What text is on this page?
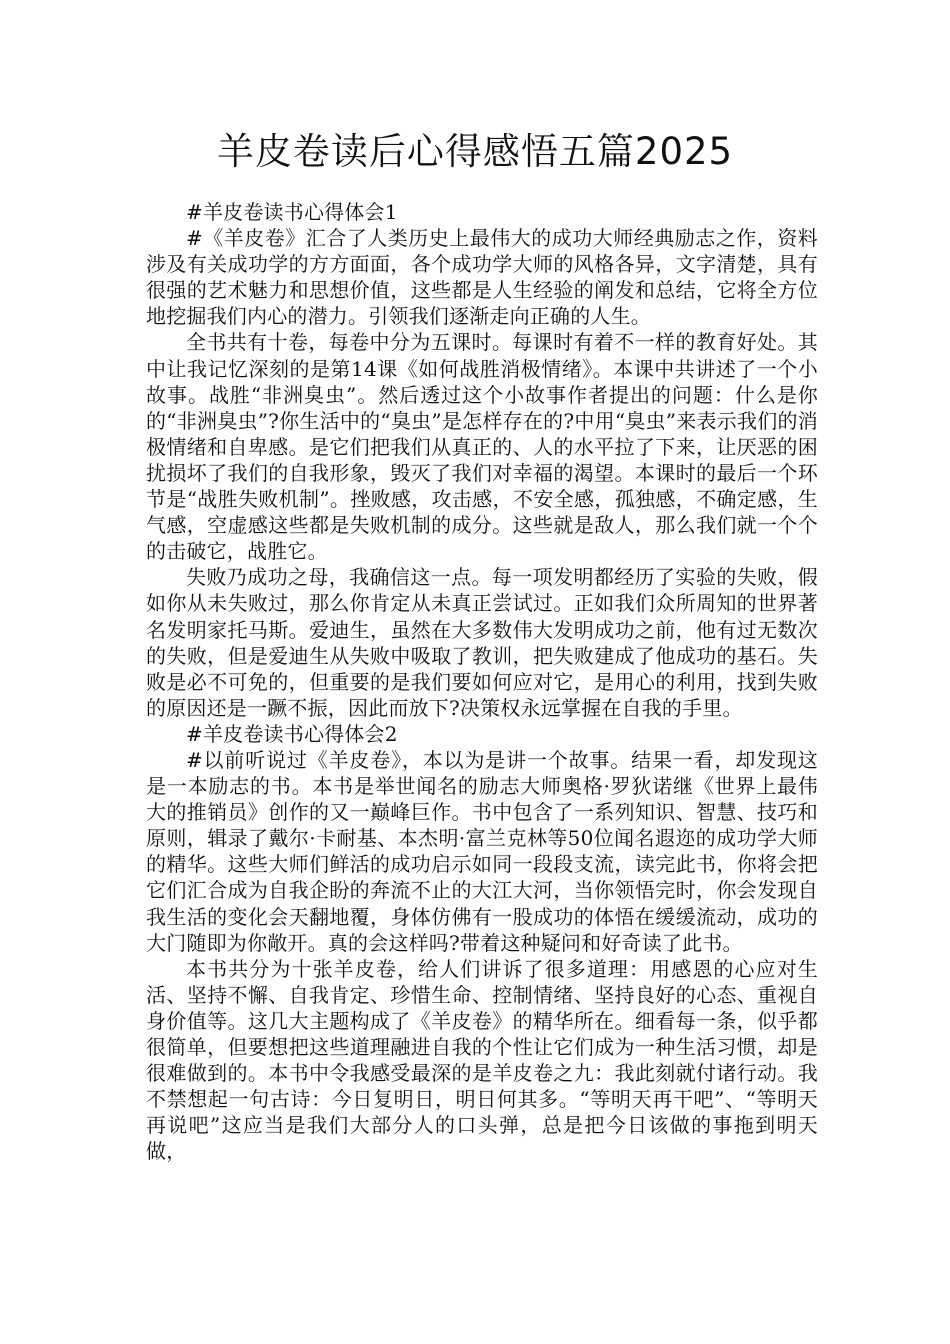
羊皮卷读后心得感悟五篇2025

#羊皮卷读书心得体会1

#《羊皮卷》汇合了人类历史上最伟大的成功大师经典励志之作，资料涉及有关成功学的方方面面，各个成功学大师的风格各异，文字清楚，具有很强的艺术魅力和思想价值，这些都是人生经验的阐发和总结，它将全方位地挖掘我们内心的潜力。引领我们逐渐走向正确的人生。

全书共有十卷，每卷中分为五课时。每课时有着不一样的教育好处。其中让我记忆深刻的是第14课《如何战胜消极情绪》。本课中共讲述了一个小故事。战胜“非洲臭虫”。然后透过这个小故事作者提出的问题：什么是你的“非洲臭虫”?你生活中的“臭虫”是怎样存在的?中用“臭虫”来表示我们的消极情绪和自卑感。是它们把我们从真正的、人的水平拉了下来，让厌恶的困扰损坏了我们的自我形象，毁灭了我们对幸福的渴望。本课时的最后一个环节是“战胜失败机制”。挫败感，攻击感，不安全感，孤独感，不确定感，生气感，空虚感这些都是失败机制的成分。这些就是敌人，那么我们就一个个的击破它，战胜它。

失败乃成功之母，我确信这一点。每一项发明都经历了实验的失败，假如你从未失败过，那么你肯定从未真正尝试过。正如我们众所周知的世界著名发明家托马斯。爱迪生，虽然在大多数伟大发明成功之前，他有过无数次的失败，但是爱迪生从失败中吸取了教训，把失败建成了他成功的基石。失败是必不可免的，但重要的是我们要如何应对它，是用心的利用，找到失败的原因还是一蹶不振，因此而放下?决策权永远掌握在自我的手里。

#羊皮卷读书心得体会2

#以前听说过《羊皮卷》，本以为是讲一个故事。结果一看，却发现这是一本励志的书。本书是举世闻名的励志大师奥格·罗狄诺继《世界上最伟大的推销员》创作的又一巅峰巨作。书中包含了一系列知识、智慧、技巧和原则，辑录了戴尔·卡耐基、本杰明·富兰克林等50位闻名遐迩的成功学大师的精华。这些大师们鲜活的成功启示如同一段段支流，读完此书，你将会把它们汇合成为自我企盼的奔流不止的大江大河，当你领悟完时，你会发现自我生活的变化会天翻地覆，身体仿佛有一股成功的体悟在缓缓流动，成功的大门随即为你敞开。真的会这样吗?带着这种疑问和好奇读了此书。

本书共分为十张羊皮卷，给人们讲诉了很多道理：用感恩的心应对生活、坚持不懈、自我肯定、珍惜生命、控制情绪、坚持良好的心态、重视自身价值等。这几大主题构成了《羊皮卷》的精华所在。细看每一条，似乎都很简单，但要想把这些道理融进自我的个性让它们成为一种生活习惯，却是很难做到的。本书中令我感受最深的是羊皮卷之九：我此刻就付诸行动。我不禁想起一句古诗：今日复明日，明日何其多。“等明天再干吧”、“等明天再说吧”这应当是我们大部分人的口头弹，总是把今日该做的事拖到明天做，
